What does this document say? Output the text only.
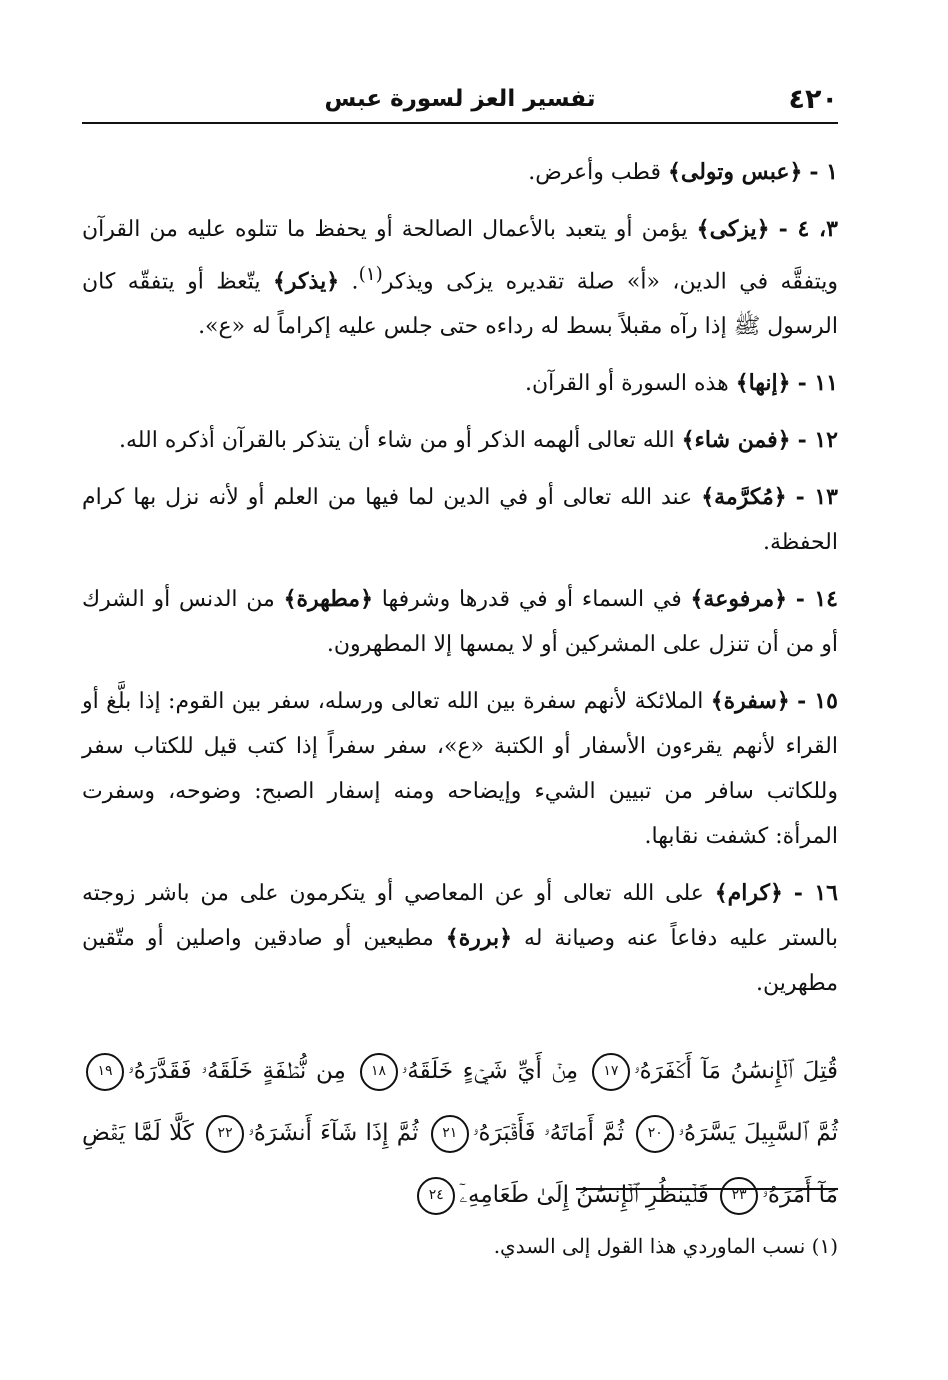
٤٢٠
تفسير العز لسورة عبس

١ - ﴿عبس وتولى﴾ قطب وأعرض.

٣، ٤ - ﴿يزكى﴾ يؤمن أو يتعبد بالأعمال الصالحة أو يحفظ ما تتلوه عليه من القرآن ويتفقَّه في الدين، «أ» صلة تقديره يزكى ويذكر$^{(١)}$. ﴿يذكر﴾ يتّعظ أو يتفقّه كان الرسول ﷺ إذا رآه مقبلاً بسط له رداءه حتى جلس عليه إكراماً له «ع».

١١ - ﴿إنها﴾ هذه السورة أو القرآن.

١٢ - ﴿فمن شاء﴾ الله تعالى ألهمه الذكر أو من شاء أن يتذكر بالقرآن أذكره الله.

١٣ - ﴿مُكرَّمة﴾ عند الله تعالى أو في الدين لما فيها من العلم أو لأنه نزل بها كرام الحفظة.

١٤ - ﴿مرفوعة﴾ في السماء أو في قدرها وشرفها ﴿مطهرة﴾ من الدنس أو الشرك أو من أن تنزل على المشركين أو لا يمسها إلا المطهرون.

١٥ - ﴿سفرة﴾ الملائكة لأنهم سفرة بين الله تعالى ورسله، سفر بين القوم: إذا بلَّغ أو القراء لأنهم يقرءون الأسفار أو الكتبة «ع»، سفر سفراً إذا كتب قيل للكتاب سفر وللكاتب سافر من تبيين الشيء وإيضاحه ومنه إسفار الصبح: وضوحه، وسفرت المرأة: كشفت نقابها.

١٦ - ﴿كرام﴾ على الله تعالى أو عن المعاصي أو يتكرمون على من باشر زوجته بالستر عليه دفاعاً عنه وصيانة له ﴿بررة﴾ مطيعين أو صادقين واصلين أو متّقين مطهرين.

قُتِلَ ٱلۡإِنسَٰنُ مَآ أَكۡفَرَهُۥ١٧ مِنۡ أَيِّ شَيۡءٍ خَلَقَهُۥ١٨ مِن نُّطۡفَةٍ خَلَقَهُۥ فَقَدَّرَهُۥ١٩ ثُمَّ ٱلسَّبِيلَ يَسَّرَهُۥ٢٠ ثُمَّ أَمَاتَهُۥ فَأَقۡبَرَهُۥ٢١ ثُمَّ إِذَا شَآءَ أَنشَرَهُۥ٢٢ كَلَّا لَمَّا يَقۡضِ مَآ أَمَرَهُۥ٢٣ فَلۡيَنظُرِ ٱلۡإِنسَٰنُ إِلَىٰ طَعَامِهِۦٓ٢٤
(١) نسب الماوردي هذا القول إلى السدي.
